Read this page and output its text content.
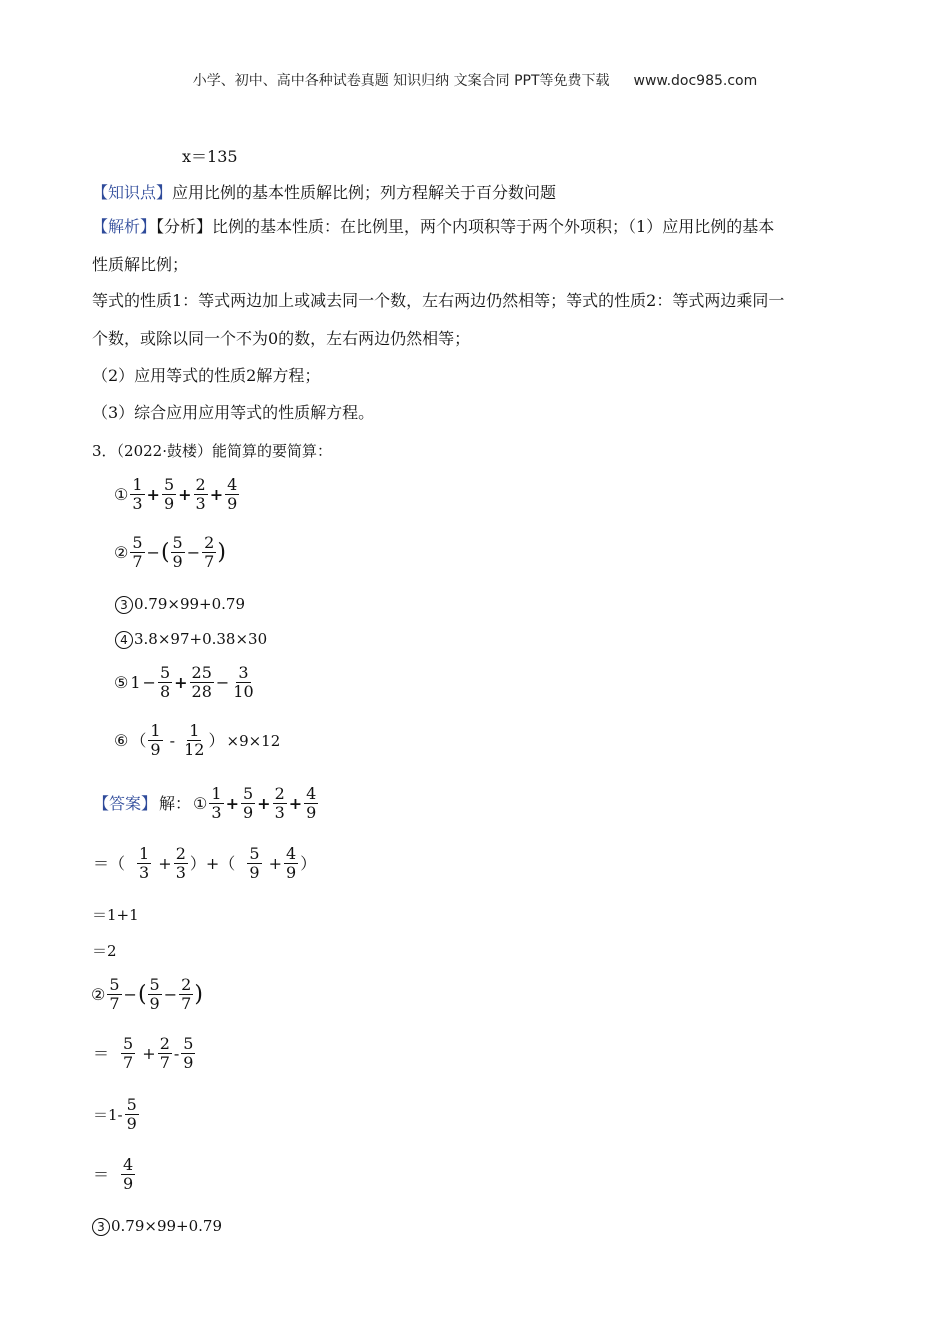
小学、初中、高中各种试卷真题 知识归纳 文案合同 PPT等免费下载 www.doc985.com
x＝135
【知识点】应用比例的基本性质解比例；列方程解关于百分数问题
【解析】【分析】比例的基本性质：在比例里，两个内项积等于两个外项积；（1）应用比例的基本
性质解比例；
等式的性质1：等式两边加上或减去同一个数，左右两边仍然相等；等式的性质2：等式两边乘同一
个数，或除以同一个不为0的数，左右两边仍然相等；
（2）应用等式的性质2解方程；
（3）综合应用应用等式的性质解方程。
3．（2022·鼓楼）能简算的要简算：
① $\frac{1}{3} + \frac{5}{9} + \frac{2}{3} + \frac{4}{9}$
② $\frac{5}{7}$ −( $\frac{5}{9} - \frac{2}{7}$ )
3 0.79×99+0.79
4 3.8×97+0.38×30
⑤ $1 - \frac{5}{8} + \frac{25}{28} - \frac{3}{10}$
⑥ （ $\frac{1}{9} - \frac{1}{12}$ ） ×9×12
【答案】 解： ① $\frac{1}{3} + \frac{5}{9} + \frac{2}{3} + \frac{4}{9}$
＝（ $\frac{1}{3} + \frac{2}{3}$ ）+（ $\frac{5}{9} + \frac{4}{9}$ ）
＝1+1
＝2
② $\frac{5}{7}$ −( $\frac{5}{9} - \frac{2}{7}$ )
＝ $\frac{5}{7} + \frac{2}{7} - \frac{5}{9}$
$=1- \frac{5}{9}$
＝ $\frac{4}{9}$
3 0.79×99+0.79
